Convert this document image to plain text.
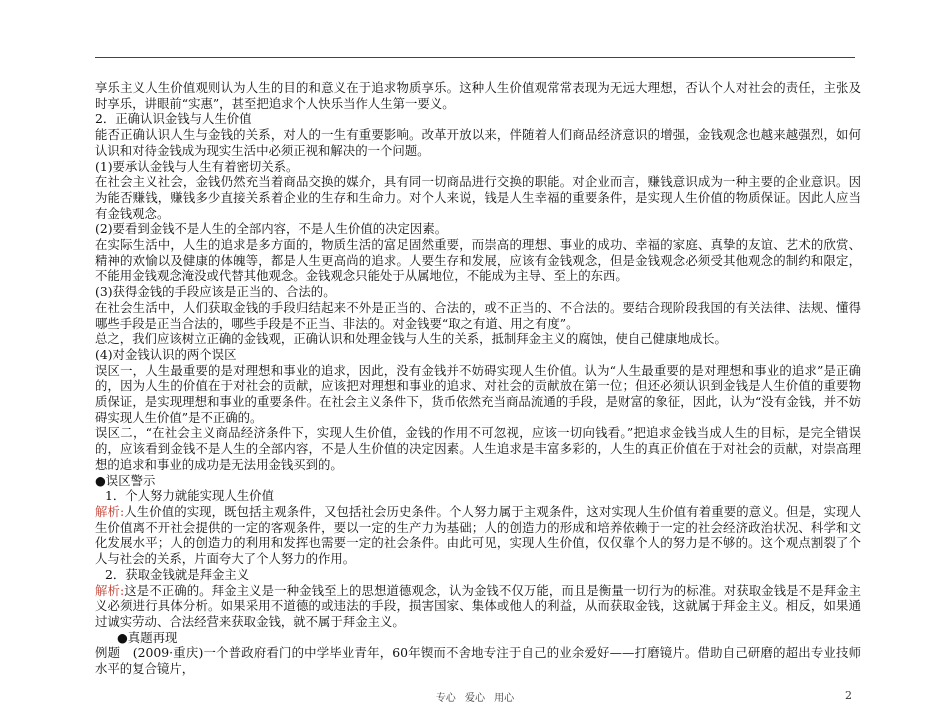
享乐主义人生价值观则认为人生的目的和意义在于追求物质享乐。这种人生价值观常常表现为无远大理想，否认个人对社会的责任，主张及时享乐，讲眼前“实惠”，甚至把追求个人快乐当作人生第一要义。

2．正确认识金钱与人生价值

能否正确认识人生与金钱的关系，对人的一生有重要影响。改革开放以来，伴随着人们商品经济意识的增强，金钱观念也越来越强烈，如何认识和对待金钱成为现实生活中必须正视和解决的一个问题。

(1)要承认金钱与人生有着密切关系。

在社会主义社会，金钱仍然充当着商品交换的媒介，具有同一切商品进行交换的职能。对企业而言，赚钱意识成为一种主要的企业意识。因为能否赚钱，赚钱多少直接关系着企业的生存和生命力。对个人来说，钱是人生幸福的重要条件，是实现人生价值的物质保证。因此人应当有金钱观念。

(2)要看到金钱不是人生的全部内容，不是人生价值的决定因素。

在实际生活中，人生的追求是多方面的，物质生活的富足固然重要，而崇高的理想、事业的成功、幸福的家庭、真挚的友谊、艺术的欣赏、精神的欢愉以及健康的体魄等，都是人生更高尚的追求。人要生存和发展，应该有金钱观念，但是金钱观念必须受其他观念的制约和限定，不能用金钱观念淹没或代替其他观念。金钱观念只能处于从属地位，不能成为主导、至上的东西。

(3)获得金钱的手段应该是正当的、合法的。

在社会生活中，人们获取金钱的手段归结起来不外是正当的、合法的，或不正当的、不合法的。要结合现阶段我国的有关法律、法规、懂得哪些手段是正当合法的，哪些手段是不正当、非法的。对金钱要“取之有道、用之有度”。

总之，我们应该树立正确的金钱观，正确认识和处理金钱与人生的关系，抵制拜金主义的腐蚀，使自己健康地成长。

(4)对金钱认识的两个误区

误区一，人生最重要的是对理想和事业的追求，因此，没有金钱并不妨碍实现人生价值。认为“人生最重要的是对理想和事业的追求”是正确的，因为人生的价值在于对社会的贡献，应该把对理想和事业的追求、对社会的贡献放在第一位；但还必须认识到金钱是人生价值的重要物质保证，是实现理想和事业的重要条件。在社会主义条件下，货币依然充当商品流通的手段，是财富的象征，因此，认为“没有金钱，并不妨碍实现人生价值”是不正确的。

误区二，“在社会主义商品经济条件下，实现人生价值，金钱的作用不可忽视，应该一切向钱看。”把追求金钱当成人生的目标，是完全错误的，应该看到金钱不是人生的全部内容，不是人生价值的决定因素。人生追求是丰富多彩的，人生的真正价值在于对社会的贡献，对崇高理想的追求和事业的成功是无法用金钱买到的。

●误区警示

1．个人努力就能实现人生价值

解析:人生价值的实现，既包括主观条件，又包括社会历史条件。个人努力属于主观条件，这对实现人生价值有着重要的意义。但是，实现人生价值离不开社会提供的一定的客观条件，要以一定的生产力为基础；人的创造力的形成和培养依赖于一定的社会经济政治状况、科学和文化发展水平；人的创造力的利用和发挥也需要一定的社会条件。由此可见，实现人生价值，仅仅靠个人的努力是不够的。这个观点割裂了个人与社会的关系，片面夸大了个人努力的作用。

2．获取金钱就是拜金主义

解析:这是不正确的。拜金主义是一种金钱至上的思想道德观念，认为金钱不仅万能，而且是衡量一切行为的标准。对获取金钱是不是拜金主义必须进行具体分析。如果采用不道德的或违法的手段，损害国家、集体或他人的利益，从而获取金钱，这就属于拜金主义。相反，如果通过诚实劳动、合法经营来获取金钱，就不属于拜金主义。

●真题再现

例题　(2009·重庆)一个普政府看门的中学毕业青年，60年锲而不舍地专注于自己的业余爱好——打磨镜片。借助自己研磨的超出专业技师水平的复合镜片，

专心 爱心 用心	2
